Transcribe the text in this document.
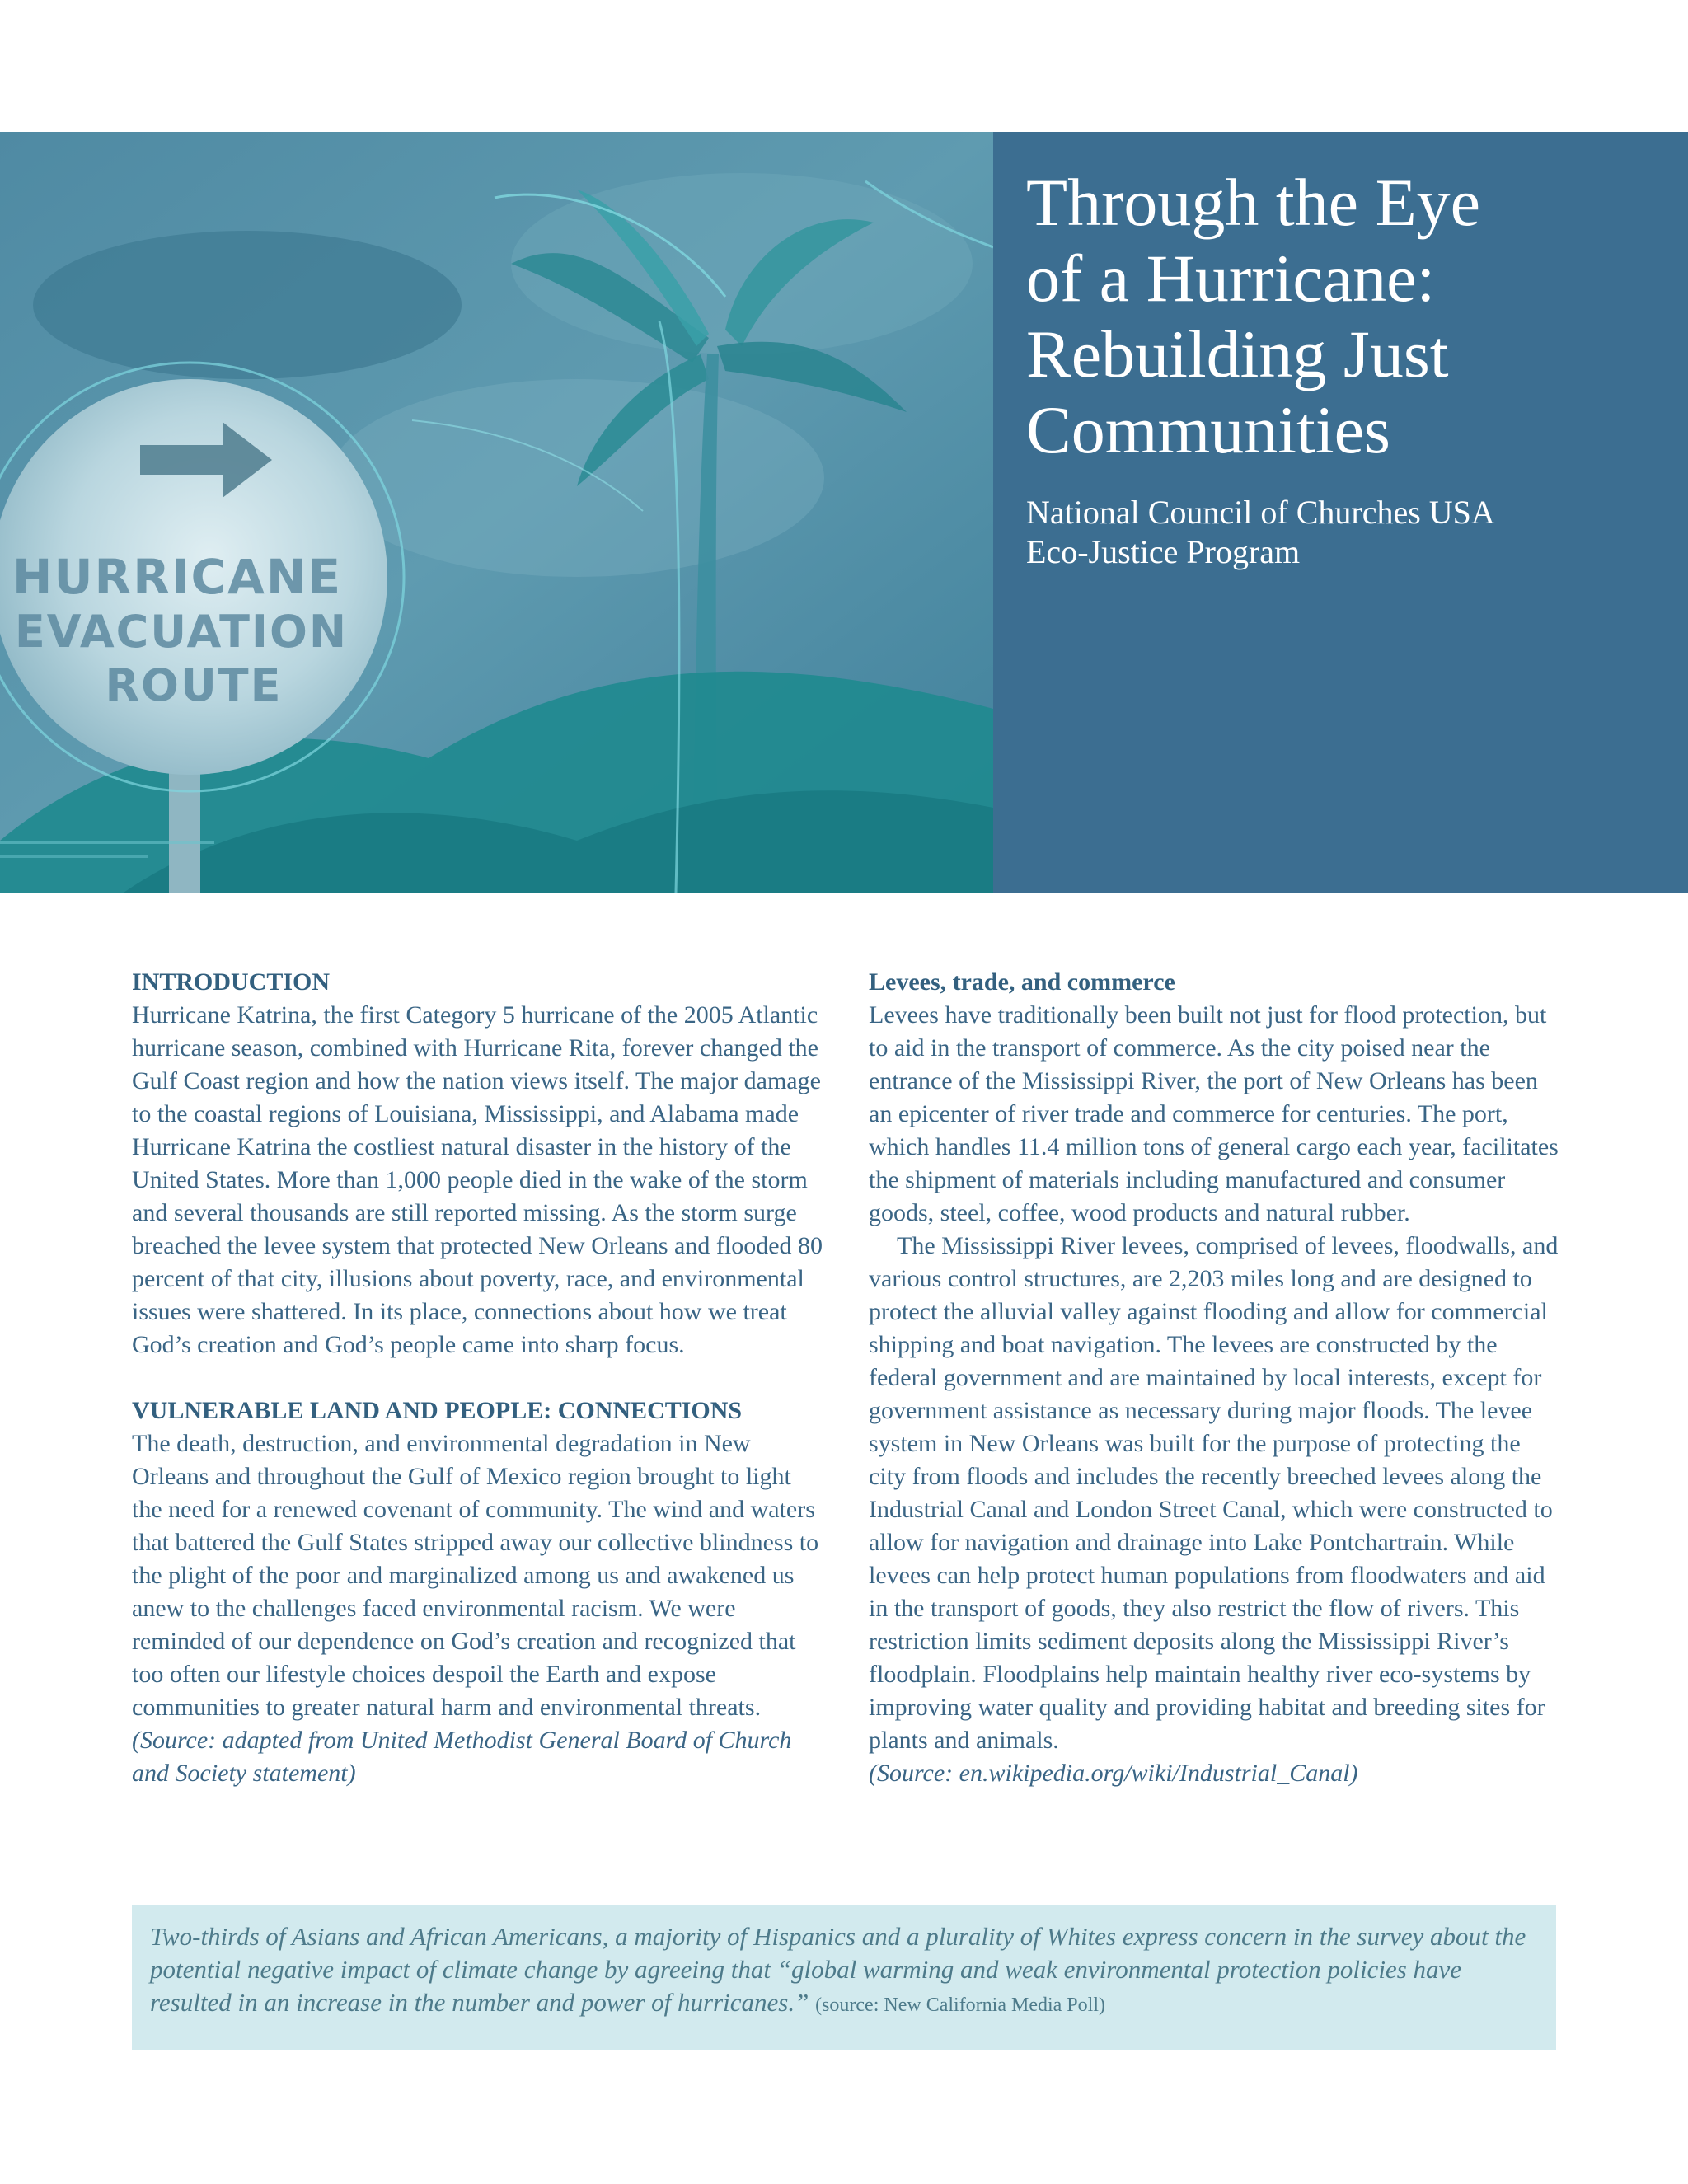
HURRICANE
EVACUATION
ROUTE
Through the Eye
of a Hurricane:
Rebuilding Just
Communities
National Council of Churches USA
Eco-Justice Program
INTRODUCTION

Hurricane Katrina, the first Category 5 hurricane of the 2005 Atlantic hurricane season, combined with Hurricane Rita, forever changed the Gulf Coast region and how the nation views itself. The major damage to the coastal regions of Louisiana, Mississippi, and Alabama made Hurricane Katrina the costliest natural disaster in the history of the United States. More than 1,000 people died in the wake of the storm and several thousands are still reported missing. As the storm surge breached the levee system that protected New Orleans and flooded 80 percent of that city, illusions about poverty, race, and environmental issues were shattered. In its place, connections about how we treat God’s creation and God’s people came into sharp focus.

VULNERABLE LAND AND PEOPLE: CONNECTIONS

The death, destruction, and environmental degradation in New Orleans and throughout the Gulf of Mexico region brought to light the need for a renewed covenant of community. The wind and waters that battered the Gulf States stripped away our collective blindness to the plight of the poor and marginalized among us and awakened us anew to the challenges faced environmental racism. We were reminded of our dependence on God’s creation and recognized that too often our lifestyle choices despoil the Earth and expose communities to greater natural harm and environmental threats. (Source: adapted from United Methodist General Board of Church and Society statement)

Levees, trade, and commerce

Levees have traditionally been built not just for flood protection, but to aid in the transport of commerce. As the city poised near the entrance of the Mississippi River, the port of New Orleans has been an epicenter of river trade and commerce for centuries. The port, which handles 11.4 million tons of general cargo each year, facilitates the shipment of materials including manufactured and consumer goods, steel, coffee, wood products and natural rubber.

The Mississippi River levees, comprised of levees, floodwalls, and various control structures, are 2,203 miles long and are designed to protect the alluvial valley against flooding and allow for commercial shipping and boat navigation. The levees are constructed by the federal government and are maintained by local interests, except for government assistance as necessary during major floods. The levee system in New Orleans was built for the purpose of protecting the city from floods and includes the recently breeched levees along the Industrial Canal and London Street Canal, which were constructed to allow for navigation and drainage into Lake Pontchartrain. While levees can help protect human populations from floodwaters and aid in the transport of goods, they also restrict the flow of rivers. This restriction limits sediment deposits along the Mississippi River’s floodplain. Floodplains help maintain healthy river eco-systems by improving water quality and providing habitat and breeding sites for plants and animals.

(Source: en.wikipedia.org/wiki/Industrial_Canal)

Two-thirds of Asians and African Americans, a majority of Hispanics and a plurality of Whites express concern in the survey about the potential negative impact of climate change by agreeing that “global warming and weak environmental protection policies have resulted in an increase in the number and power of hurricanes.” (source: New California Media Poll)
